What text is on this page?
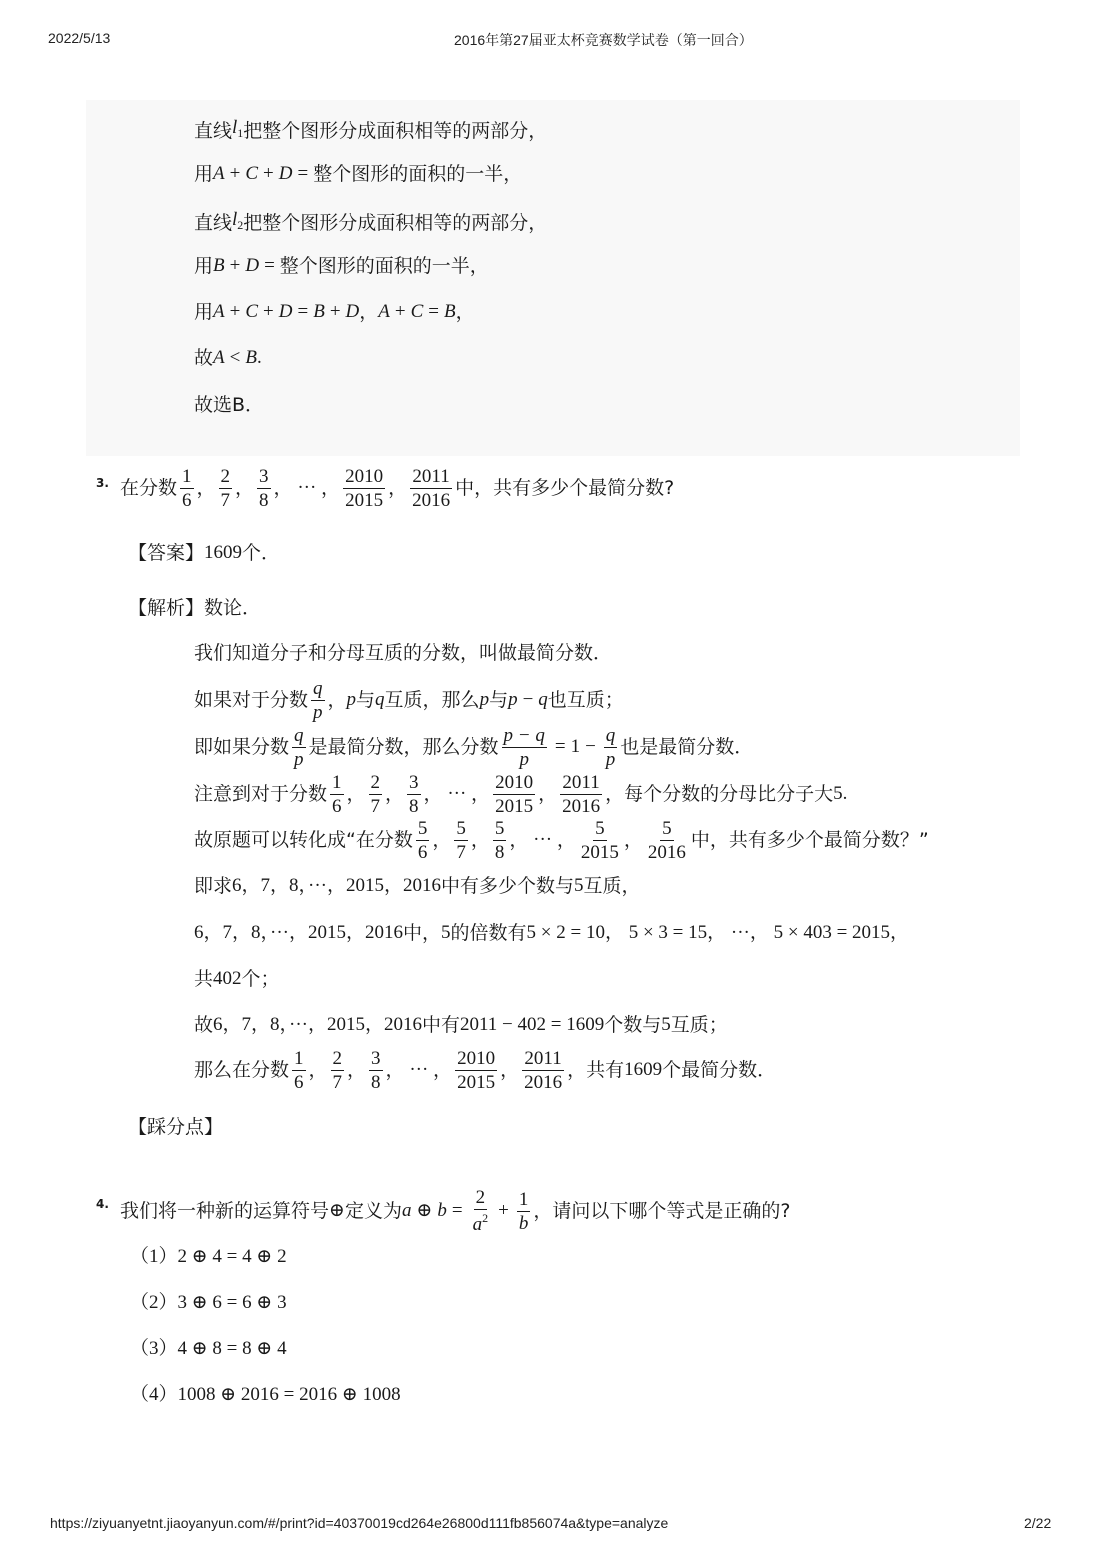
2022/5/13	2016年第27届亚太杯竞赛数学试卷（第一回合）
https://ziyuanyetnt.jiaoyanyun.com/#/print?id=40370019cd264e26800d111fb856074a&type=analyze	2/22
直线 $l_1$ 把整个图形分成面积相等的两部分，
用 A + C + D = 整个图形的面积的一半，
直线 $l_2$ 把整个图形分成面积相等的两部分，
用 B + D = 整个图形的面积的一半，
用 A + C + D = B + D ， A + C = B ，
故 A < B .
故选B．
3. 在分数 $\frac{1}{6}$ ， $\frac{2}{7}$ ， $\frac{3}{8}$ ， ··· ， $\frac{2010}{2015}$ ， $\frac{2011}{2016}$ 中，共有多少个最简分数?
【答案】 1609 个．
【解析】 数论．
我们知道分子和分母互质的分数，叫做最简分数．
如果对于分数 $\frac{q}{p}$ ， p 与 q 互质，那么 p 与 p − q 也互质；
即如果分数 $\frac{q}{p}$ 是最简分数，那么分数 $\frac{p - q}{p} = 1 - \frac{q}{p}$ 也是最简分数．
注意到对于分数 $\frac{1}{6}$ ， $\frac{2}{7}$ ， $\frac{3}{8}$ ， ··· ， $\frac{2010}{2015}$ ， $\frac{2011}{2016}$ ，每个分数的分母比分子大 5 .
故原题可以转化成“在分数 $\frac{5}{6}$ ， $\frac{5}{7}$ ， $\frac{5}{8}$ ， ··· ， $\frac{5}{2015}$ ， $\frac{5}{2016}$ 中，共有多少个最简分数？”
即求 6，7，8，···，2015，2016 中有多少个数与 5 互质，
6，7，8，···，2015，2016 中， 5 的倍数有 5 × 2 = 10， 5 × 3 = 15， ···， 5 × 403 = 2015，
共 402 个；
故 6，7，8，···，2015，2016 中有 2011 − 402 = 1609 个数与 5 互质；
那么在分数 $\frac{1}{6}$ ， $\frac{2}{7}$ ， $\frac{3}{8}$ ， ··· ， $\frac{2010}{2015}$ ， $\frac{2011}{2016}$ ，共有 1609 个最简分数．
【踩分点】
4. 我们将一种新的运算符号 ⊕ 定义为 a ⊕ $b = \frac{2}{a^2} + \frac{1}{b}$ ，请问以下哪个等式是正确的?
（1） 2 ⊕ 4 = 4 ⊕ 2
（2） 3 ⊕ 6 = 6 ⊕ 3
（3） 4 ⊕ 8 = 8 ⊕ 4
（4） 1008 ⊕ 2016 = 2016 ⊕ 1008
